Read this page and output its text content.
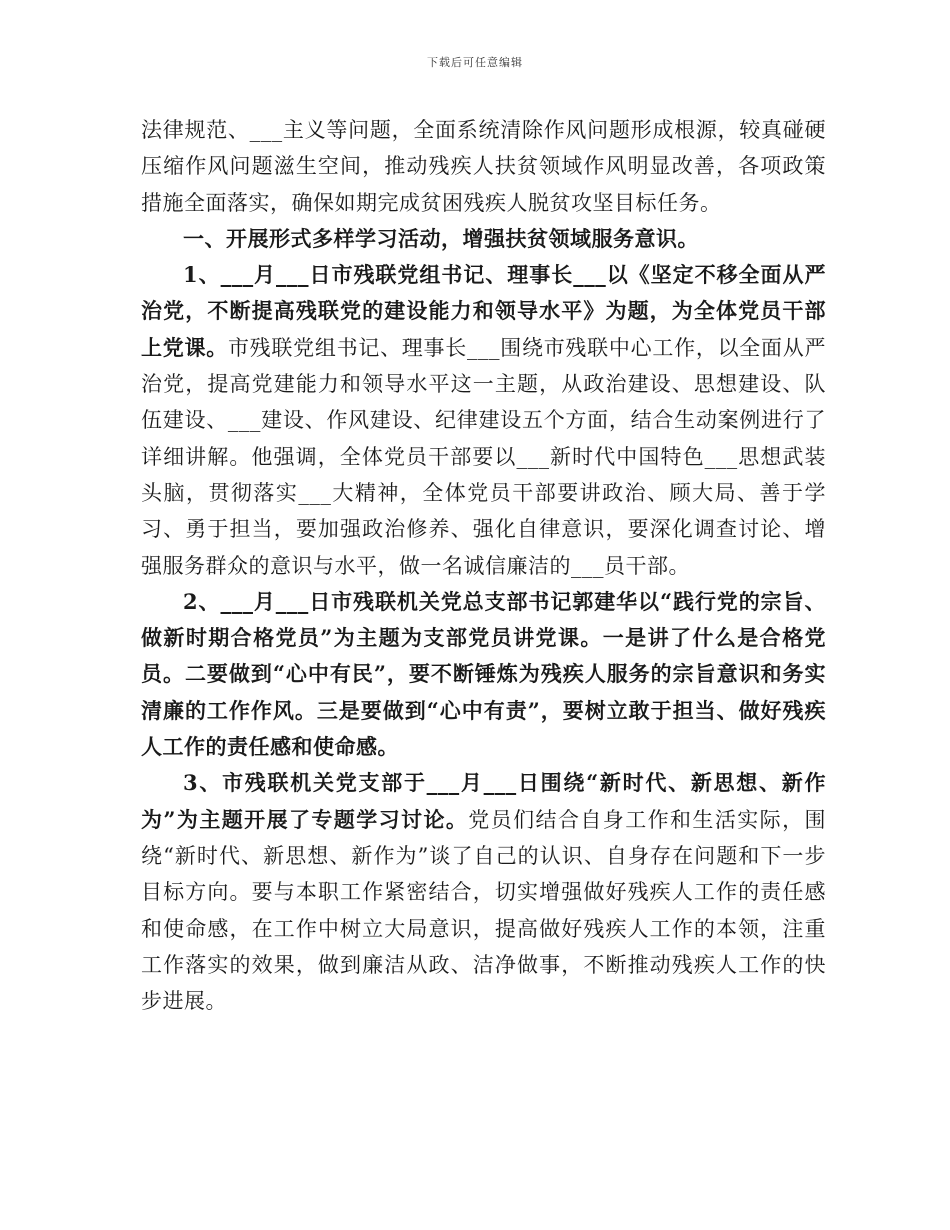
下载后可任意编辑

法律规范、___主义等问题，全面系统清除作风问题形成根源，较真碰硬压缩作风问题滋生空间，推动残疾人扶贫领域作风明显改善，各项政策措施全面落实，确保如期完成贫困残疾人脱贫攻坚目标任务。

一、开展形式多样学习活动，增强扶贫领域服务意识。

1、___月___日市残联党组书记、理事长___以《坚定不移全面从严治党，不断提高残联党的建设能力和领导水平》为题，为全体党员干部上党课。市残联党组书记、理事长___围绕市残联中心工作，以全面从严治党，提高党建能力和领导水平这一主题，从政治建设、思想建设、队伍建设、___建设、作风建设、纪律建设五个方面，结合生动案例进行了详细讲解。他强调，全体党员干部要以___新时代中国特色___思想武装头脑，贯彻落实___大精神，全体党员干部要讲政治、顾大局、善于学习、勇于担当，要加强政治修养、强化自律意识，要深化调查讨论、增强服务群众的意识与水平，做一名诚信廉洁的___员干部。

2、___月___日市残联机关党总支部书记郭建华以“践行党的宗旨、做新时期合格党员”为主题为支部党员讲党课。一是讲了什么是合格党员。二要做到“心中有民”，要不断锤炼为残疾人服务的宗旨意识和务实清廉的工作作风。三是要做到“心中有责”，要树立敢于担当、做好残疾人工作的责任感和使命感。

3、市残联机关党支部于___月___日围绕“新时代、新思想、新作为”为主题开展了专题学习讨论。党员们结合自身工作和生活实际，围绕“新时代、新思想、新作为”谈了自己的认识、自身存在问题和下一步目标方向。要与本职工作紧密结合，切实增强做好残疾人工作的责任感和使命感，在工作中树立大局意识，提高做好残疾人工作的本领，注重工作落实的效果，做到廉洁从政、洁净做事，不断推动残疾人工作的快步进展。
